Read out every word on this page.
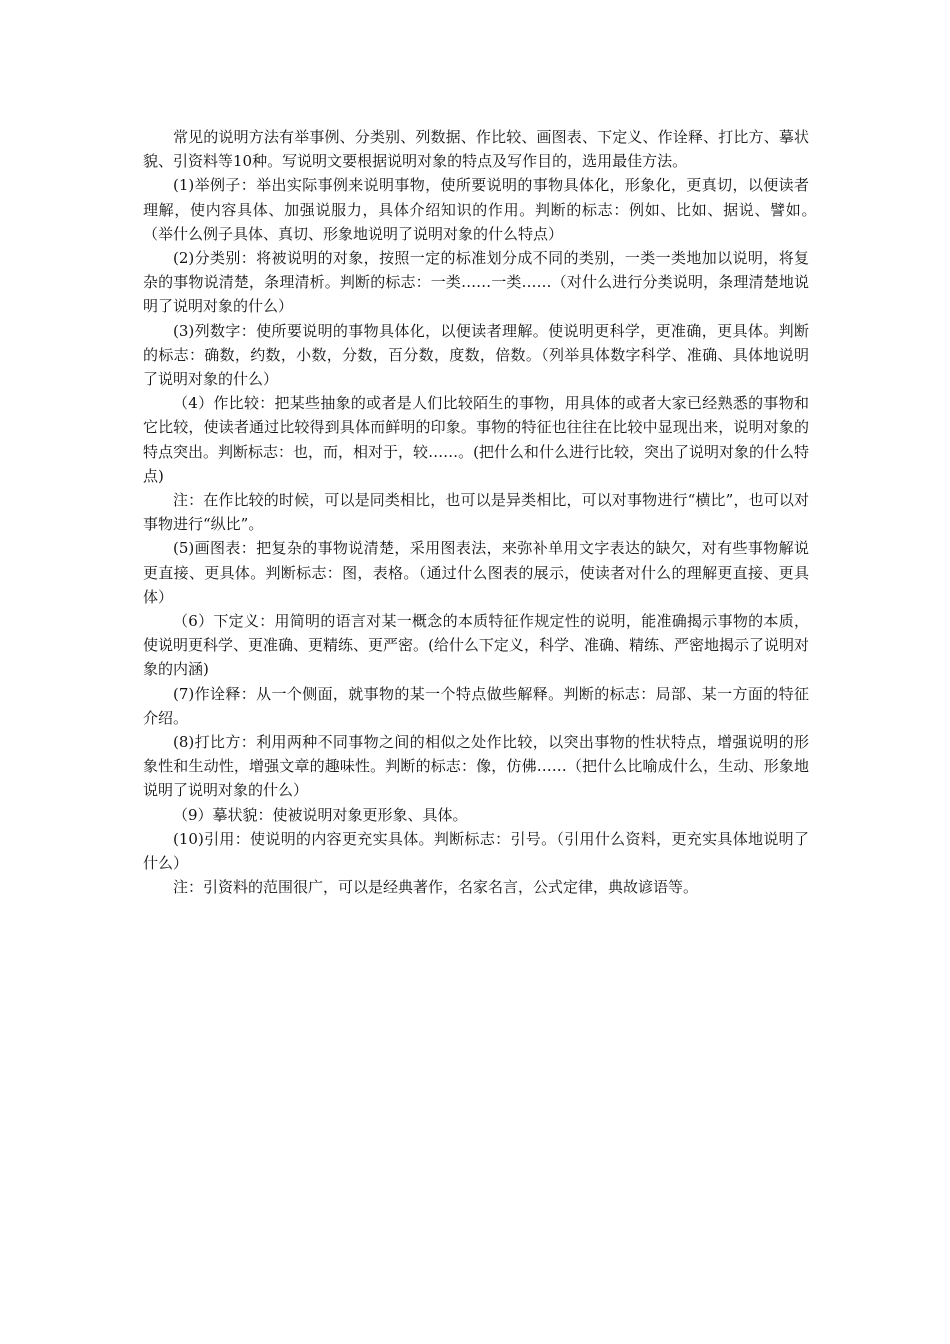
常见的说明方法有举事例、分类别、列数据、作比较、画图表、下定义、作诠释、打比方、摹状貌、引资料等10种。写说明文要根据说明对象的特点及写作目的，选用最佳方法。

(1)举例子：举出实际事例来说明事物，使所要说明的事物具体化，形象化，更真切，以便读者理解，使内容具体、加强说服力，具体介绍知识的作用。判断的标志：例如、比如、据说、譬如。　（举什么例子具体、真切、形象地说明了说明对象的什么特点）

(2)分类别：将被说明的对象，按照一定的标准划分成不同的类别，一类一类地加以说明，将复杂的事物说清楚，条理清析。判断的标志：一类……一类……（对什么进行分类说明，条理清楚地说明了说明对象的什么）

(3)列数字：使所要说明的事物具体化，以便读者理解。使说明更科学，更准确，更具体。判断的标志：确数，约数，小数，分数，百分数，度数，倍数。（列举具体数字科学、准确、具体地说明了说明对象的什么）

（4）作比较：把某些抽象的或者是人们比较陌生的事物，用具体的或者大家已经熟悉的事物和它比较，使读者通过比较得到具体而鲜明的印象。事物的特征也往往在比较中显现出来，说明对象的特点突出。判断标志：也，而，相对于，较……。(把什么和什么进行比较，突出了说明对象的什么特点)

注：在作比较的时候，可以是同类相比，也可以是异类相比，可以对事物进行“横比”，也可以对事物进行“纵比”。

(5)画图表：把复杂的事物说清楚，采用图表法，来弥补单用文字表达的缺欠，对有些事物解说更直接、更具体。判断标志：图，表格。（通过什么图表的展示，使读者对什么的理解更直接、更具体）

（6）下定义：用简明的语言对某一概念的本质特征作规定性的说明，能准确揭示事物的本质，使说明更科学、更准确、更精练、更严密。(给什么下定义，科学、准确、精练、严密地揭示了说明对象的内涵)

(7)作诠释：从一个侧面，就事物的某一个特点做些解释。判断的标志：局部、某一方面的特征介绍。

(8)打比方：利用两种不同事物之间的相似之处作比较，以突出事物的性状特点，增强说明的形象性和生动性，增强文章的趣味性。判断的标志：像，仿佛……（把什么比喻成什么，生动、形象地说明了说明对象的什么）

（9）摹状貌：使被说明对象更形象、具体。

(10)引用：使说明的内容更充实具体。判断标志：引号。（引用什么资料，更充实具体地说明了什么）

注：引资料的范围很广，可以是经典著作，名家名言，公式定律，典故谚语等。
